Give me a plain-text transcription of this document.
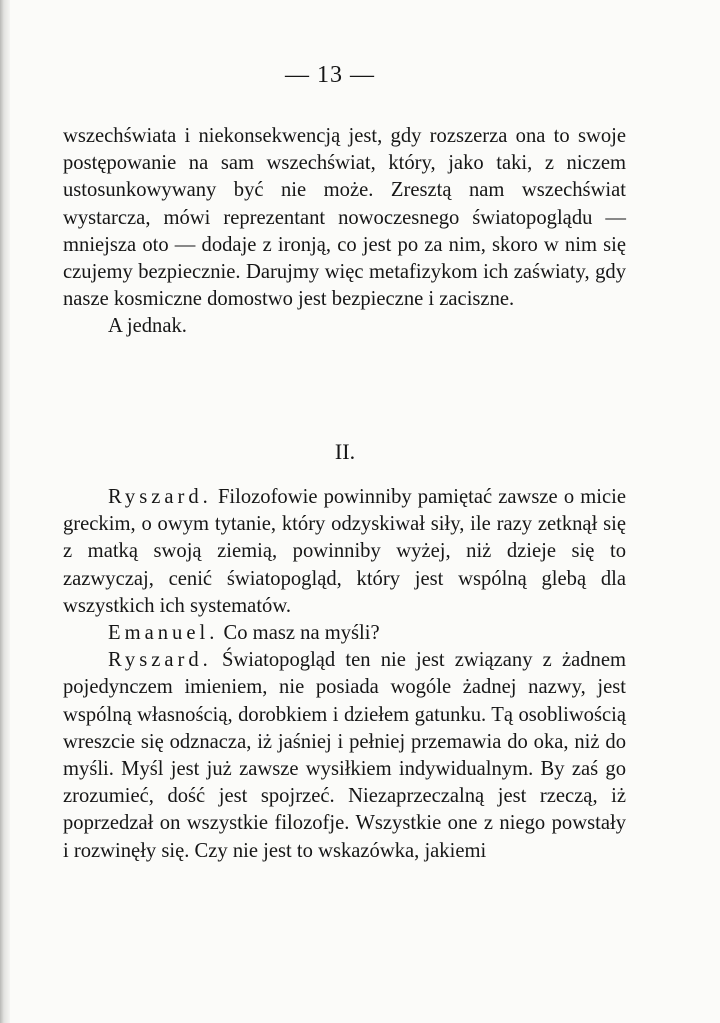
— 13 —

wszechświata i niekonsekwencją jest, gdy rozszerza ona to swoje postępowanie na sam wszechświat, który, jako taki, z niczem ustosunkowywany być nie może. Zresztą nam wszechświat wystarcza, mówi reprezentant nowoczesnego światopoglądu — mniejsza oto — dodaje z ironją, co jest po za nim, skoro w nim się czujemy bezpiecznie. Darujmy więc metafizykom ich zaświaty, gdy nasze kosmiczne domostwo jest bezpieczne i zaciszne.

A jednak.

II.

Ryszard. Filozofowie powinniby pamiętać zawsze o micie greckim, o owym tytanie, który odzyskiwał siły, ile razy zetknął się z matką swoją ziemią, powinniby wyżej, niż dzieje się to zazwyczaj, cenić światopogląd, który jest wspólną glebą dla wszystkich ich systematów.

Emanuel. Co masz na myśli?

Ryszard. Światopogląd ten nie jest związany z żadnem pojedynczem imieniem, nie posiada wogóle żadnej nazwy, jest wspólną własnością, dorobkiem i dziełem gatunku. Tą osobliwością wreszcie się odznacza, iż jaśniej i pełniej przemawia do oka, niż do myśli. Myśl jest już zawsze wysiłkiem indywidualnym. By zaś go zrozumieć, dość jest spojrzeć. Niezaprzeczalną jest rzeczą, iż poprzedzał on wszystkie filozofje. Wszystkie one z niego powstały i rozwinęły się. Czy nie jest to wskazówka, jakiemi
